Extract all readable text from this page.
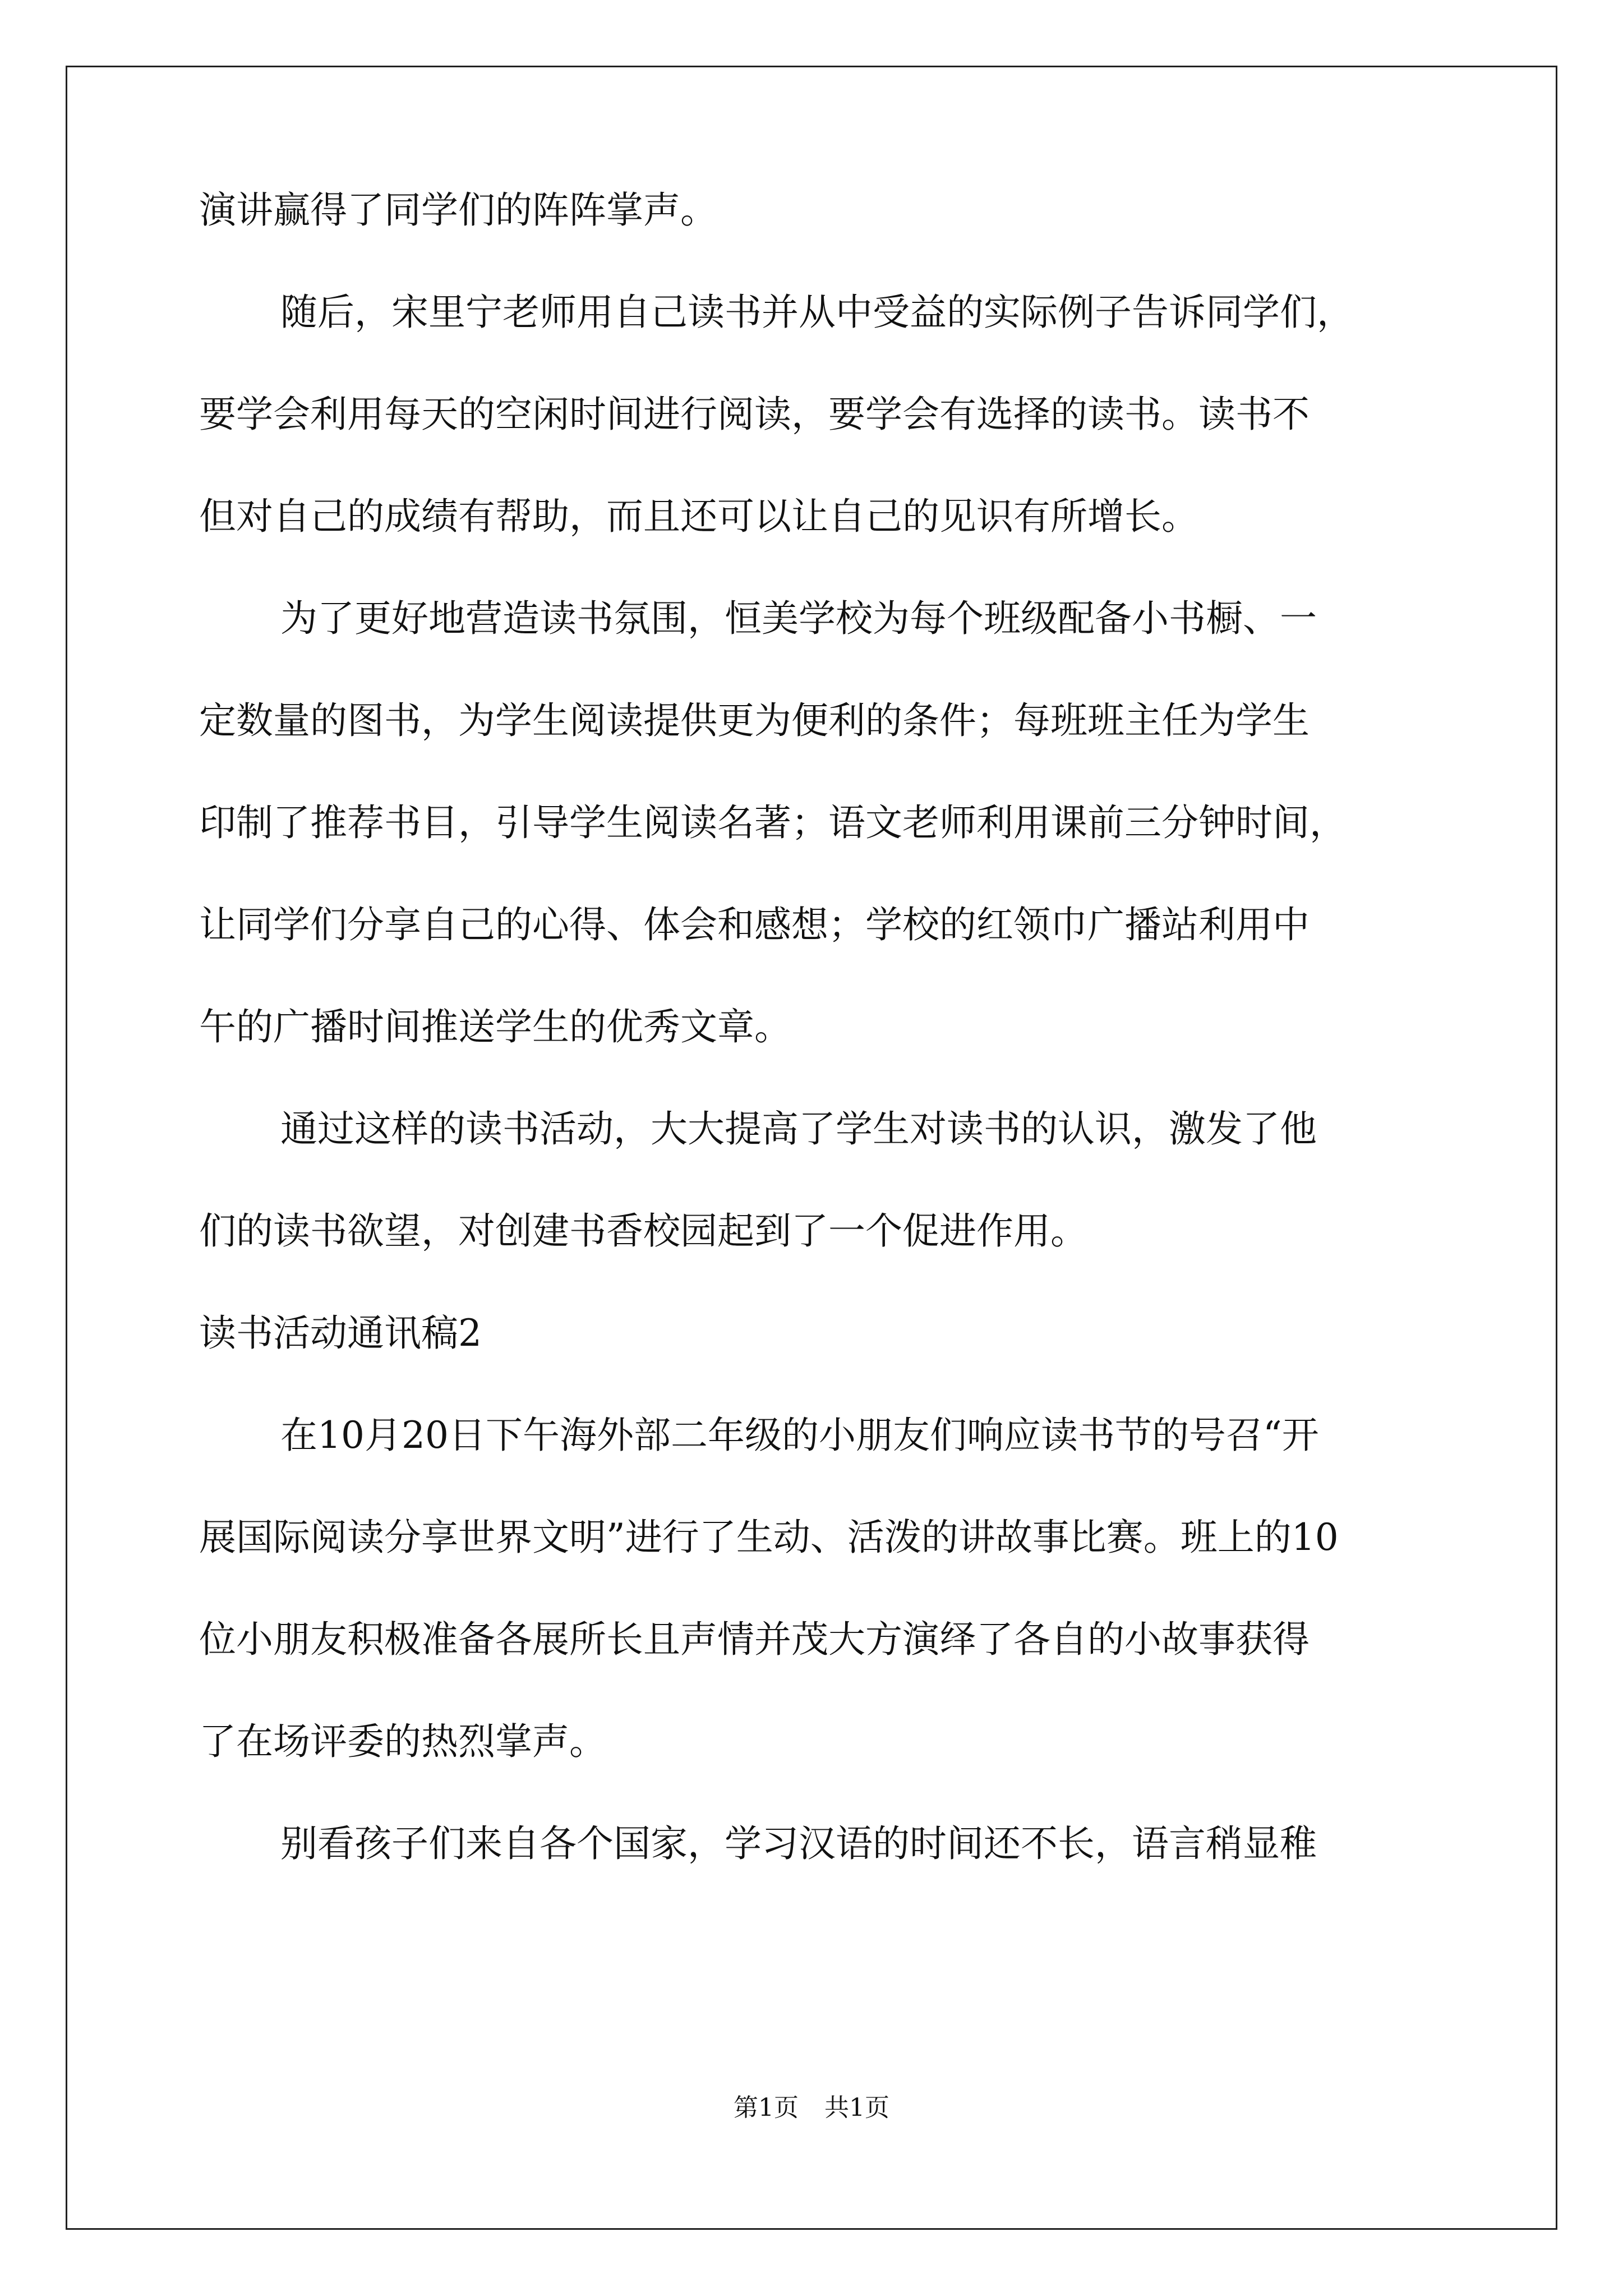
演讲赢得了同学们的阵阵掌声。
随后，宋里宁老师用自己读书并从中受益的实际例子告诉同学们，
要学会利用每天的空闲时间进行阅读，要学会有选择的读书。读书不
但对自己的成绩有帮助，而且还可以让自己的见识有所增长。
为了更好地营造读书氛围，恒美学校为每个班级配备小书橱、一
定数量的图书，为学生阅读提供更为便利的条件；每班班主任为学生
印制了推荐书目，引导学生阅读名著；语文老师利用课前三分钟时间，
让同学们分享自己的心得、体会和感想；学校的红领巾广播站利用中
午的广播时间推送学生的优秀文章。
通过这样的读书活动，大大提高了学生对读书的认识，激发了他
们的读书欲望，对创建书香校园起到了一个促进作用。
读书活动通讯稿2
在10月20日下午海外部二年级的小朋友们响应读书节的号召“开
展国际阅读分享世界文明”进行了生动、活泼的讲故事比赛。班上的10
位小朋友积极准备各展所长且声情并茂大方演绎了各自的小故事获得
了在场评委的热烈掌声。
别看孩子们来自各个国家，学习汉语的时间还不长，语言稍显稚
第1页 共1页
